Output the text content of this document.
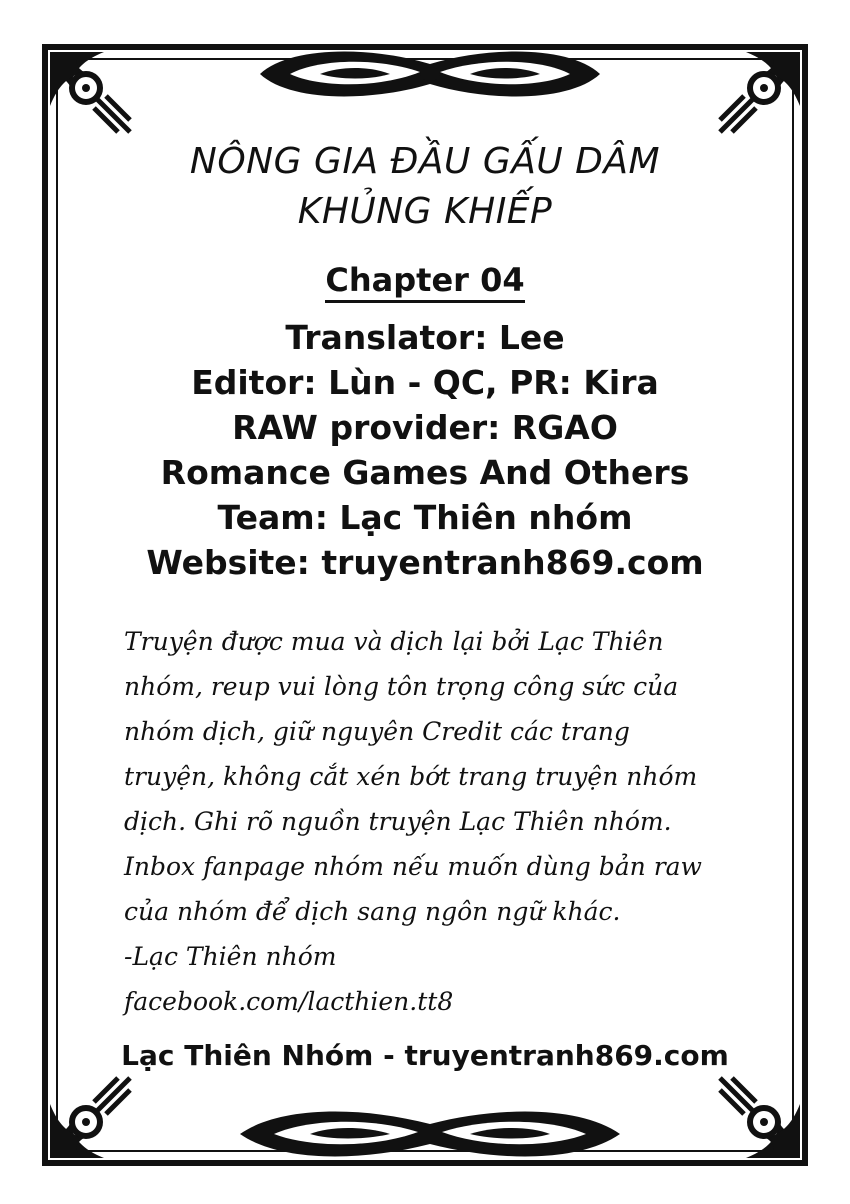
NÔNG GIA ĐẦU GẤU DÂM
KHỦNG KHIẾP
Chapter 04
Translator: Lee
Editor: Lùn - QC, PR: Kira
RAW provider: RGAO
Romance Games And Others
Team: Lạc Thiên nhóm
Website: truyentranh869.com
Truyện được mua và dịch lại bởi Lạc Thiên
nhóm, reup vui lòng tôn trọng công sức của
nhóm dịch, giữ nguyên Credit các trang
truyện, không cắt xén bớt trang truyện nhóm
dịch. Ghi rõ nguồn truyện Lạc Thiên nhóm.
Inbox fanpage nhóm nếu muốn dùng bản raw
của nhóm để dịch sang ngôn ngữ khác.
-Lạc Thiên nhóm
facebook.com/lacthien.tt8
Lạc Thiên Nhóm - truyentranh869.com
